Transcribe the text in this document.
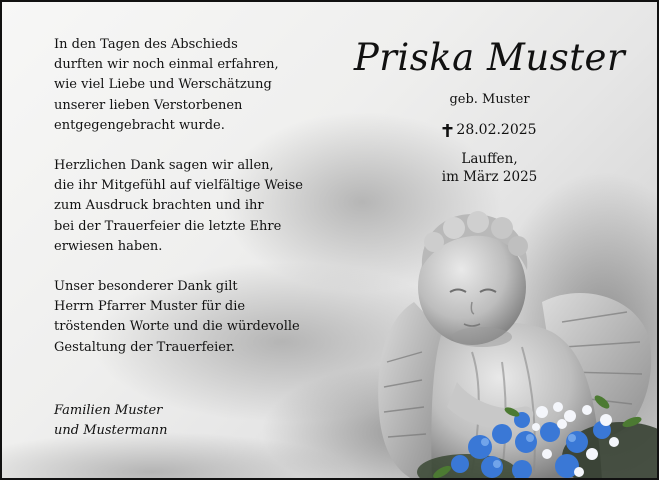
In den Tagen des Abschieds
durften wir noch einmal erfahren,
wie viel Liebe und Werschätzung
unserer lieben Verstorbenen
entgegengebracht wurde.

Herzlichen Dank sagen wir allen,
die ihr Mitgefühl auf vielfältige Weise
zum Ausdruck brachten und ihr
bei der Trauerfeier die letzte Ehre
erwiesen haben.

Unser besonderer Dank gilt
Herrn Pfarrer Muster für die
tröstenden Worte und die würdevolle
Gestaltung der Trauerfeier.

Familien Muster
und Mustermann
Priska Muster
geb. Muster
28.02.2025
Lauffen,
im März 2025
